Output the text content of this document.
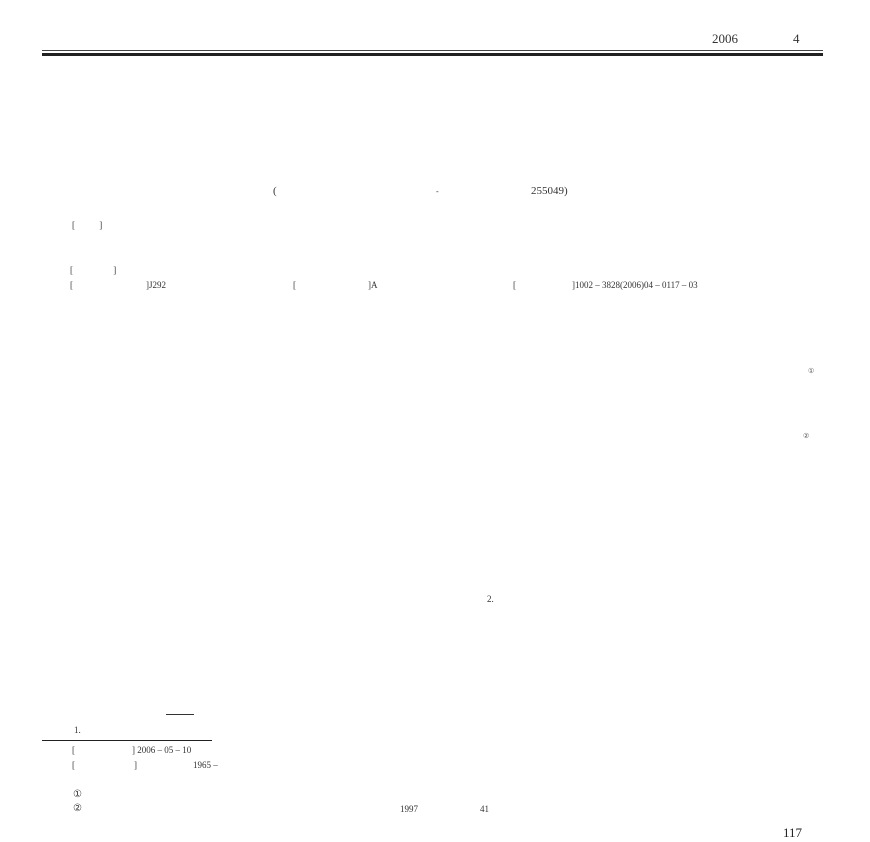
2006	4
(	-	255049)
[ ]
[ ]
[	]J292	[	]A	[	]1002 – 3828(2006)04 – 0117 – 03
①
②
2.
1.
[	] 2006 – 05 – 10
[	]	1965 –
①
②	1997	41
117
